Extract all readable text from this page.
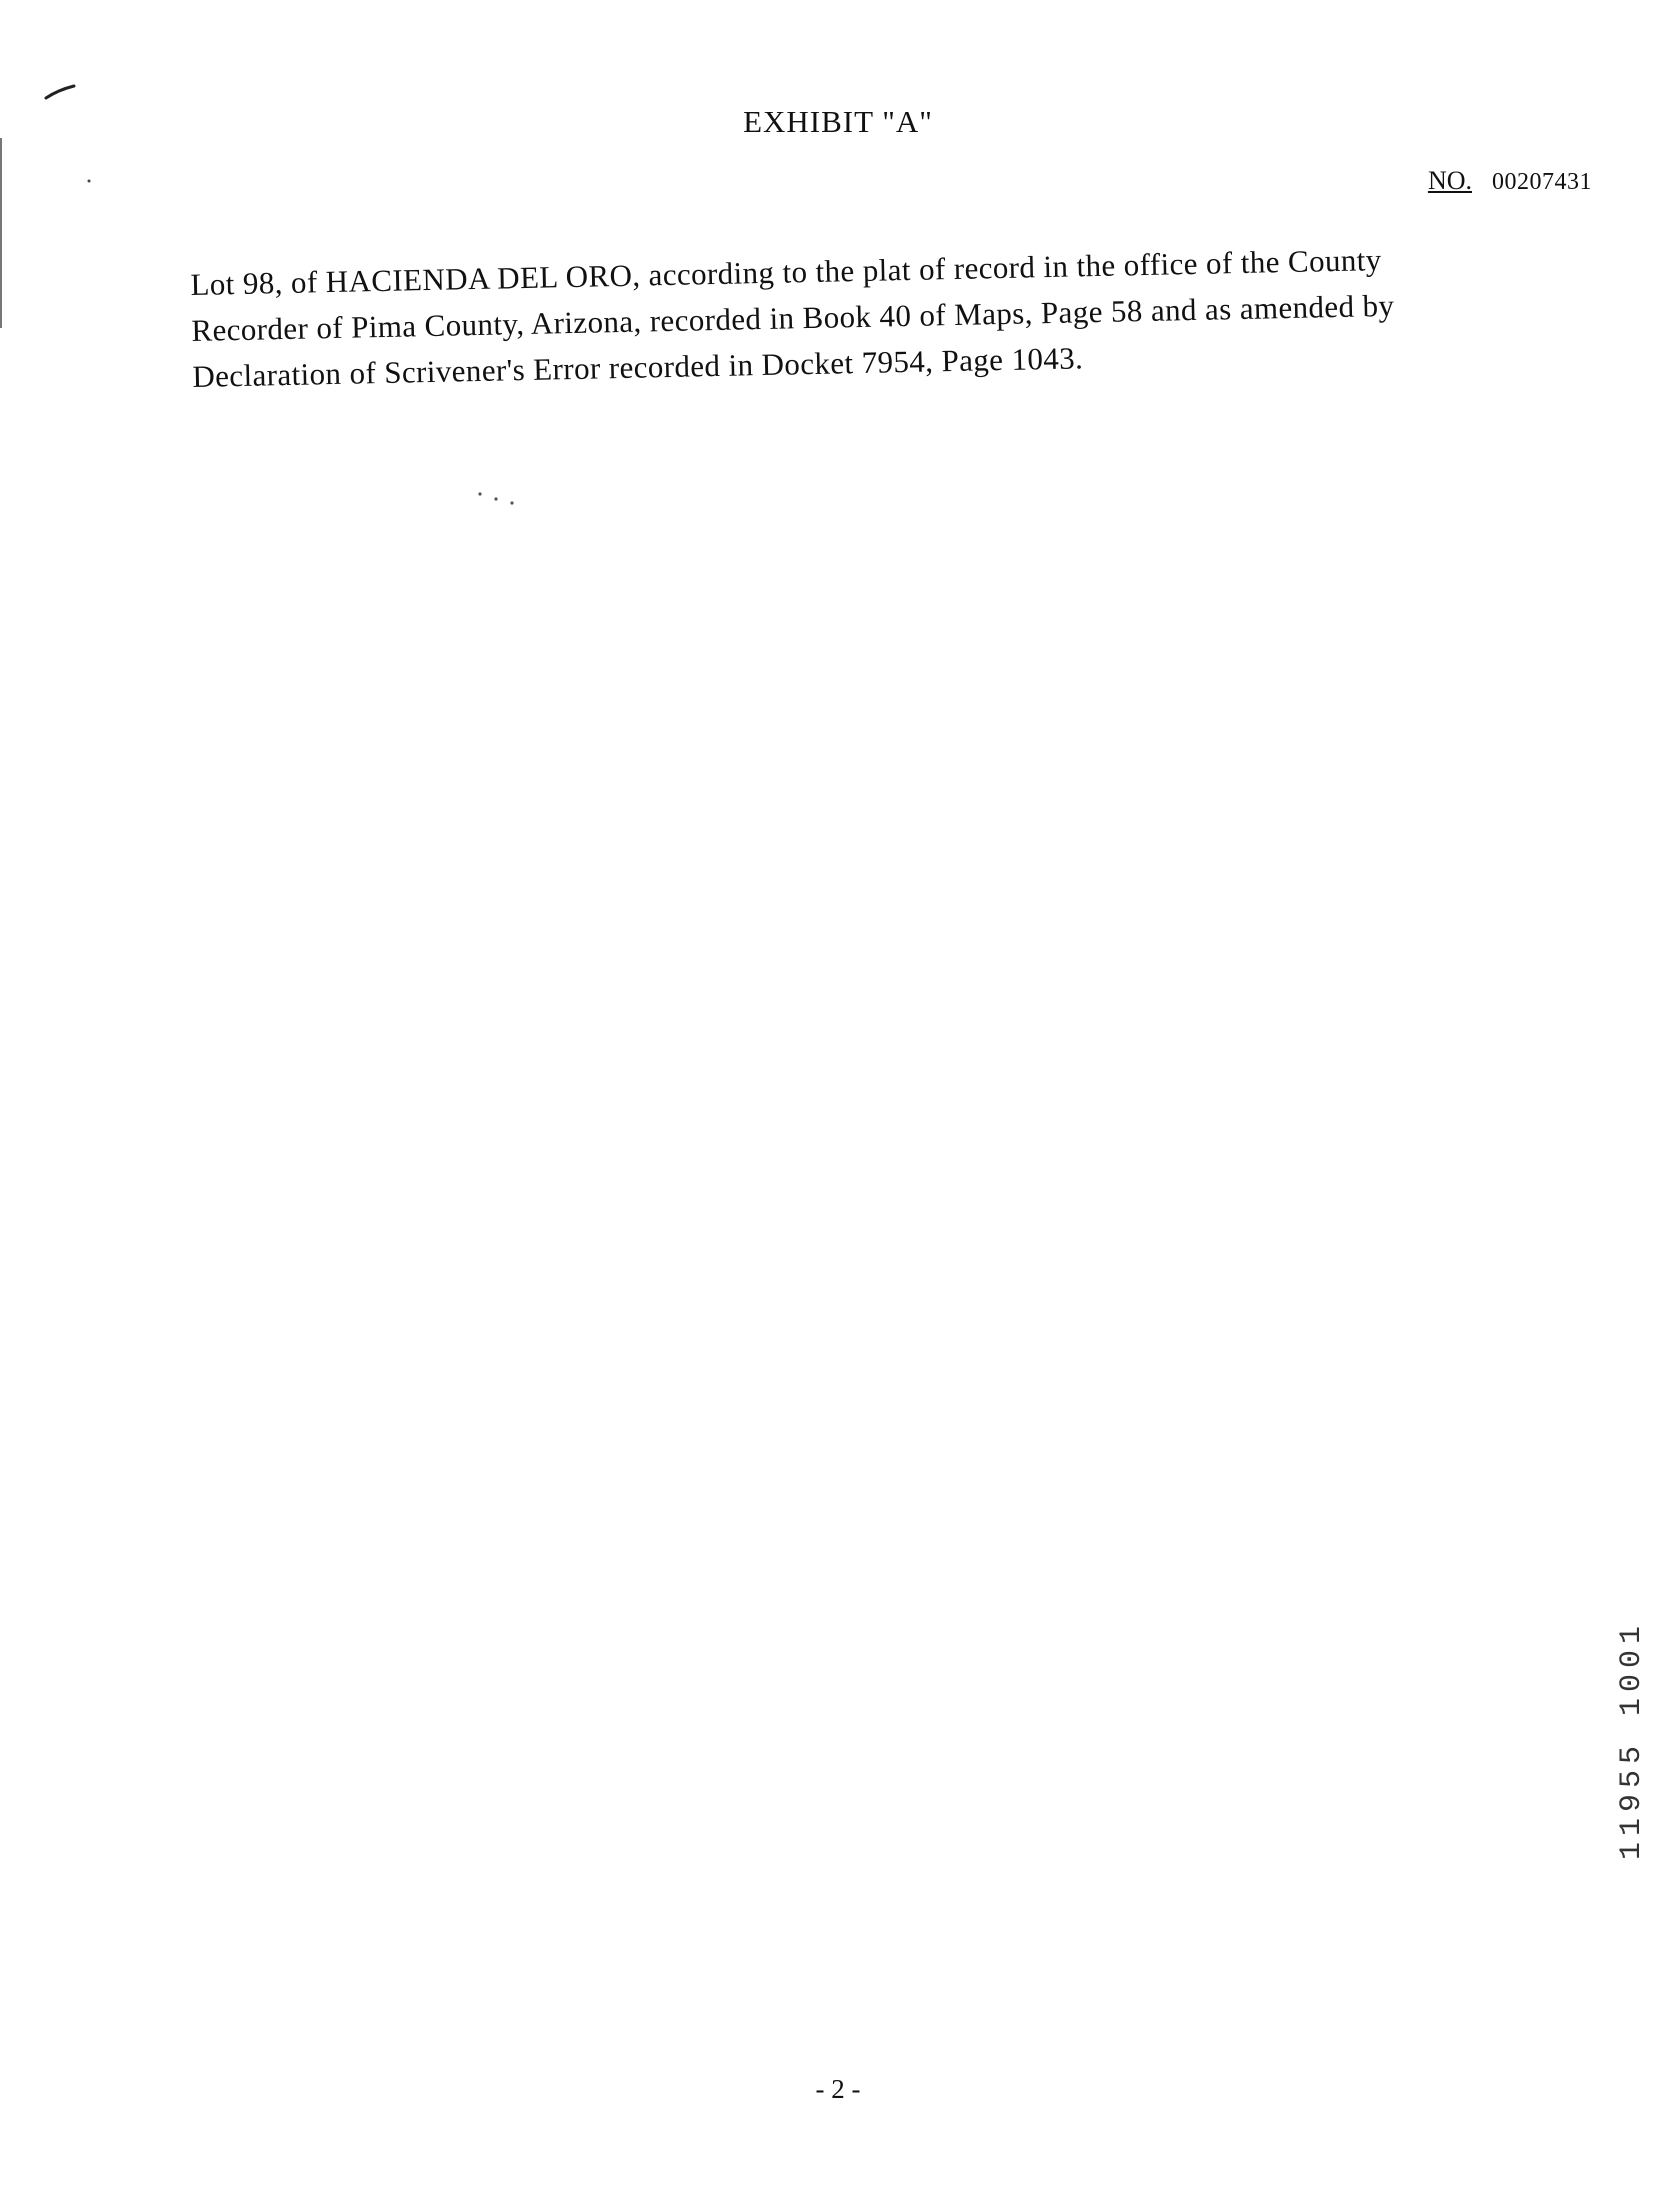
EXHIBIT "A"
NO. 00207431
Lot 98, of HACIENDA DEL ORO, according to the plat of record in the office of the County
Recorder of Pima County, Arizona, recorded in Book 40 of Maps, Page 58 and as amended by
Declaration of Scrivener's Error recorded in Docket 7954, Page 1043.
11955 1001
- 2 -
